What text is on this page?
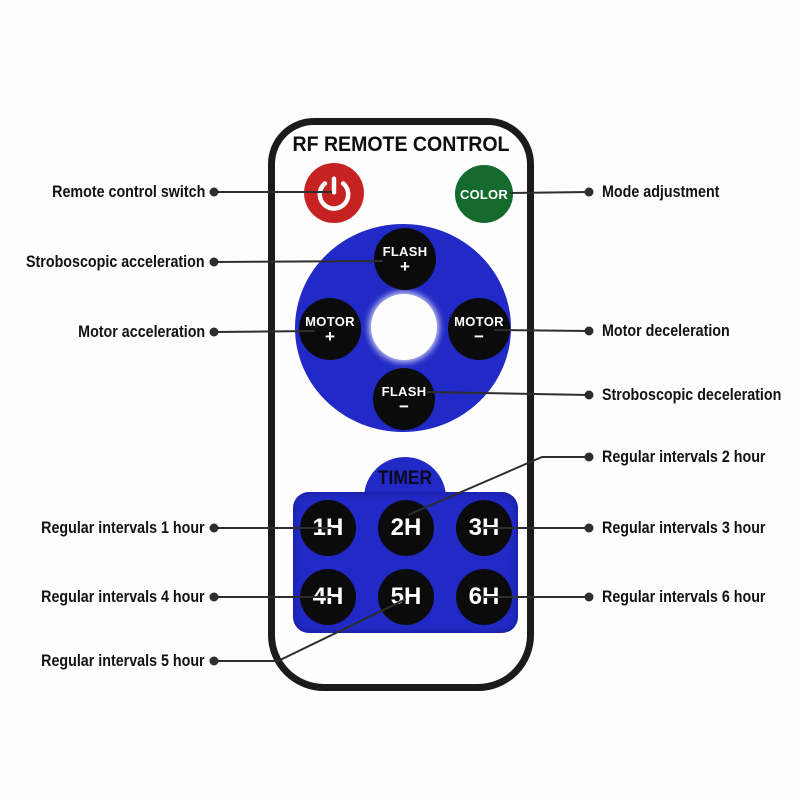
Remote control switch
Stroboscopic acceleration
Motor acceleration
Regular intervals 1 hour
Regular intervals 4 hour
Regular intervals 5 hour
Mode adjustment
Motor deceleration
Stroboscopic deceleration
Regular intervals 2 hour
Regular intervals 3 hour
Regular intervals 6 hour
RF REMOTE CONTROL
COLOR
FLASH
+
MOTOR
+
MOTOR
−
FLASH
−
TIMER
1H	2H	3H
4H	5H	6H
